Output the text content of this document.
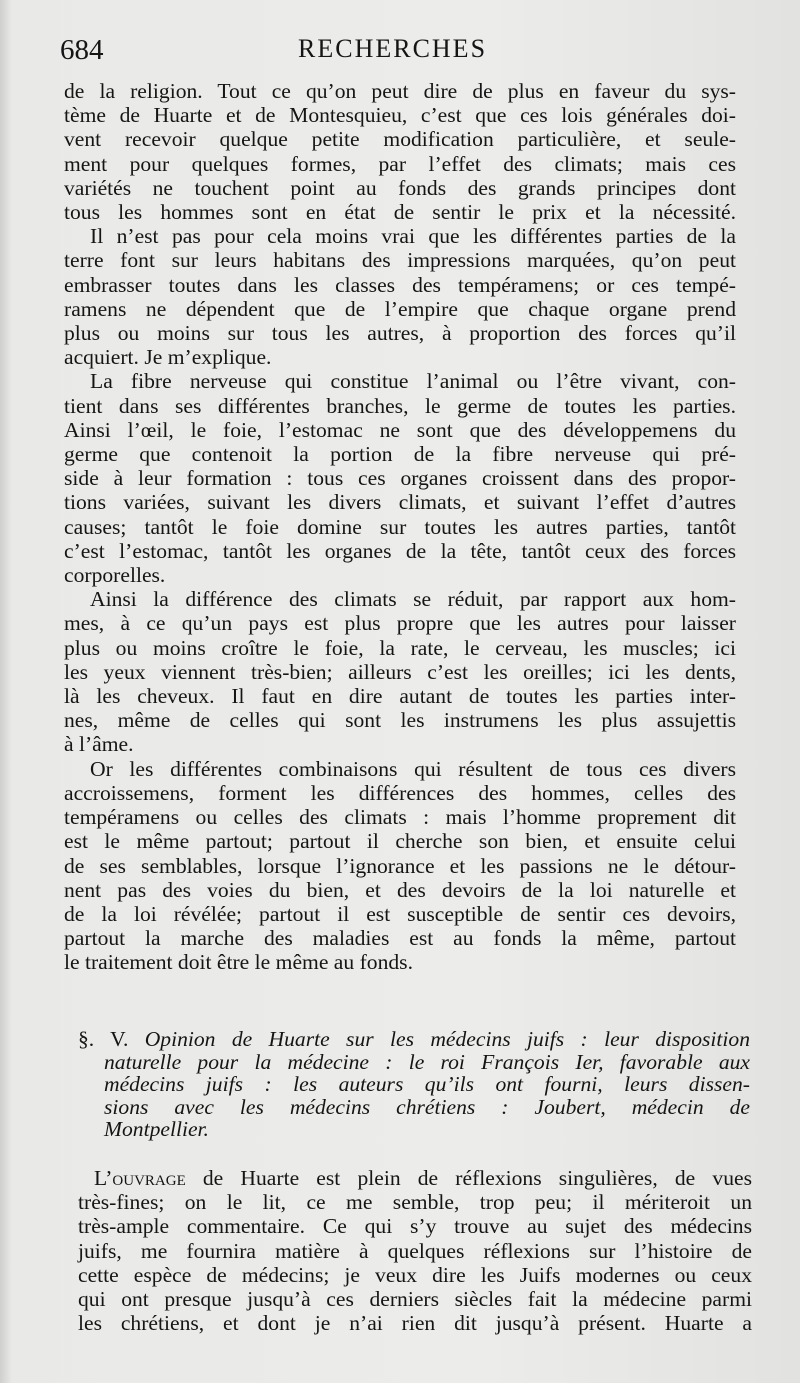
684	RECHERCHES
de la religion. Tout ce qu’on peut dire de plus en faveur du sys-
tème de Huarte et de Montesquieu, c’est que ces lois générales doi-
vent recevoir quelque petite modification particulière, et seule-
ment pour quelques formes, par l’effet des climats; mais ces
variétés ne touchent point au fonds des grands principes dont
tous les hommes sont en état de sentir le prix et la nécessité.
Il n’est pas pour cela moins vrai que les différentes parties de la
terre font sur leurs habitans des impressions marquées, qu’on peut
embrasser toutes dans les classes des tempéramens; or ces tempé-
ramens ne dépendent que de l’empire que chaque organe prend
plus ou moins sur tous les autres, à proportion des forces qu’il
acquiert. Je m’explique.
La fibre nerveuse qui constitue l’animal ou l’être vivant, con-
tient dans ses différentes branches, le germe de toutes les parties.
Ainsi l’œil, le foie, l’estomac ne sont que des développemens du
germe que contenoit la portion de la fibre nerveuse qui pré-
side à leur formation : tous ces organes croissent dans des propor-
tions variées, suivant les divers climats, et suivant l’effet d’autres
causes; tantôt le foie domine sur toutes les autres parties, tantôt
c’est l’estomac, tantôt les organes de la tête, tantôt ceux des forces
corporelles.
Ainsi la différence des climats se réduit, par rapport aux hom-
mes, à ce qu’un pays est plus propre que les autres pour laisser
plus ou moins croître le foie, la rate, le cerveau, les muscles; ici
les yeux viennent très-bien; ailleurs c’est les oreilles; ici les dents,
là les cheveux. Il faut en dire autant de toutes les parties inter-
nes, même de celles qui sont les instrumens les plus assujettis
à l’âme.
Or les différentes combinaisons qui résultent de tous ces divers
accroissemens, forment les différences des hommes, celles des
tempéramens ou celles des climats : mais l’homme proprement dit
est le même partout; partout il cherche son bien, et ensuite celui
de ses semblables, lorsque l’ignorance et les passions ne le détour-
nent pas des voies du bien, et des devoirs de la loi naturelle et
de la loi révélée; partout il est susceptible de sentir ces devoirs,
partout la marche des maladies est au fonds la même, partout
le traitement doit être le même au fonds.
§. V. Opinion de Huarte sur les médecins juifs : leur disposition
naturelle pour la médecine : le roi François Ier, favorable aux
médecins juifs : les auteurs qu’ils ont fourni, leurs dissen-
sions avec les médecins chrétiens : Joubert, médecin de
Montpellier.
L’ouvrage de Huarte est plein de réflexions singulières, de vues
très-fines; on le lit, ce me semble, trop peu; il mériteroit un
très-ample commentaire. Ce qui s’y trouve au sujet des médecins
juifs, me fournira matière à quelques réflexions sur l’histoire de
cette espèce de médecins; je veux dire les Juifs modernes ou ceux
qui ont presque jusqu’à ces derniers siècles fait la médecine parmi
les chrétiens, et dont je n’ai rien dit jusqu’à présent. Huarte a
